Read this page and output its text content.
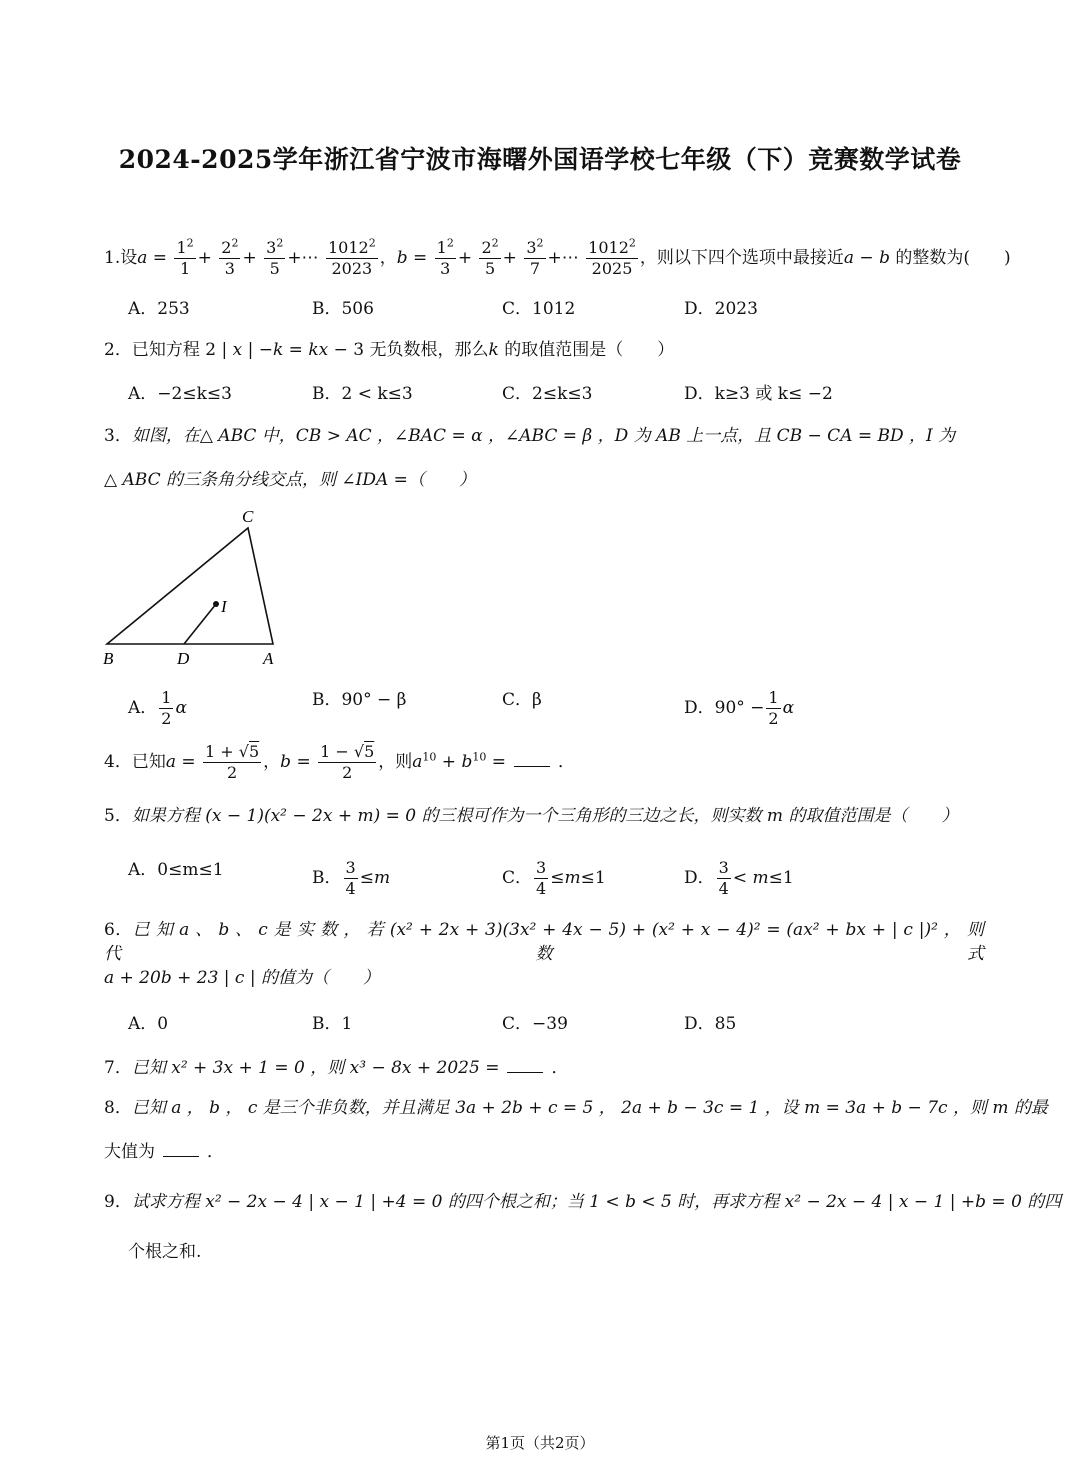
2024-2025学年浙江省宁波市海曙外国语学校七年级（下）竞赛数学试卷
1.设$a = \frac{1^2}{1} + \frac{2^2}{3} + \frac{3^2}{5}$ +⋯ $\frac{1012^2}{2023}$ ，$b = \frac{1^2}{3} + \frac{2^2}{5} + \frac{3^2}{7}$ +⋯ $\frac{1012^2}{2025}$ ，则以下四个选项中最接近a − b 的整数为(　　)
A．253	B．506	C．1012	D．2023
2．已知方程 2 | x | −k = kx − 3 无负数根，那么k 的取值范围是（　　）
A．−2≤k≤3	B．2 < k≤3	C．2≤k≤3	D．k≥3 或 k≤ −2
3．如图，在△ ABC 中，CB > AC ，∠BAC = α ，∠ABC = β ，D 为 AB 上一点，且 CB − CA = BD ，I 为
△ ABC 的三条角分线交点，则 ∠IDA =（　　）
C
I
B	D	A
A． $\frac{1}{2}$ α	B．90° − β	C．β	D．$90^\circ - \frac{1}{2}$ α
4．已知$a = \frac{1 + √5}{2}$ ，$b = \frac{1 - √5}{2}$ ，则$a^{10} + b^{10}$ =	．
5．如果方程 (x − 1)(x² − 2x + m) = 0 的三根可作为一个三角形的三边之长，则实数 m 的取值范围是（　　）
A．0≤m≤1	B． $\frac{3}{4} \le m$	C． $\frac{3}{4} \le m\le 1$	D． $\frac{3}{4} < m\le 1$
6．已 知 a 、 b 、 c 是 实 数 ， 若 (x² + 2x + 3)(3x² + 4x − 5) + (x² + x − 4)² = (ax² + bx + | c |)² ， 则 代 数 式
a + 20b + 23 | c | 的值为（　　）
A．0	B．1	C．−39	D．85
7．已知 x² + 3x + 1 = 0 ，则 x³ − 8x + 2025 =	．
8．已知 a ， b ， c 是三个非负数，并且满足 3a + 2b + c = 5 ， 2a + b − 3c = 1 ，设 m = 3a + b − 7c ，则 m 的最
大值为	．
9．试求方程 x² − 2x − 4 | x − 1 | +4 = 0 的四个根之和；当 1 < b < 5 时，再求方程 x² − 2x − 4 | x − 1 | +b = 0 的四
个根之和.
第1页（共2页）
